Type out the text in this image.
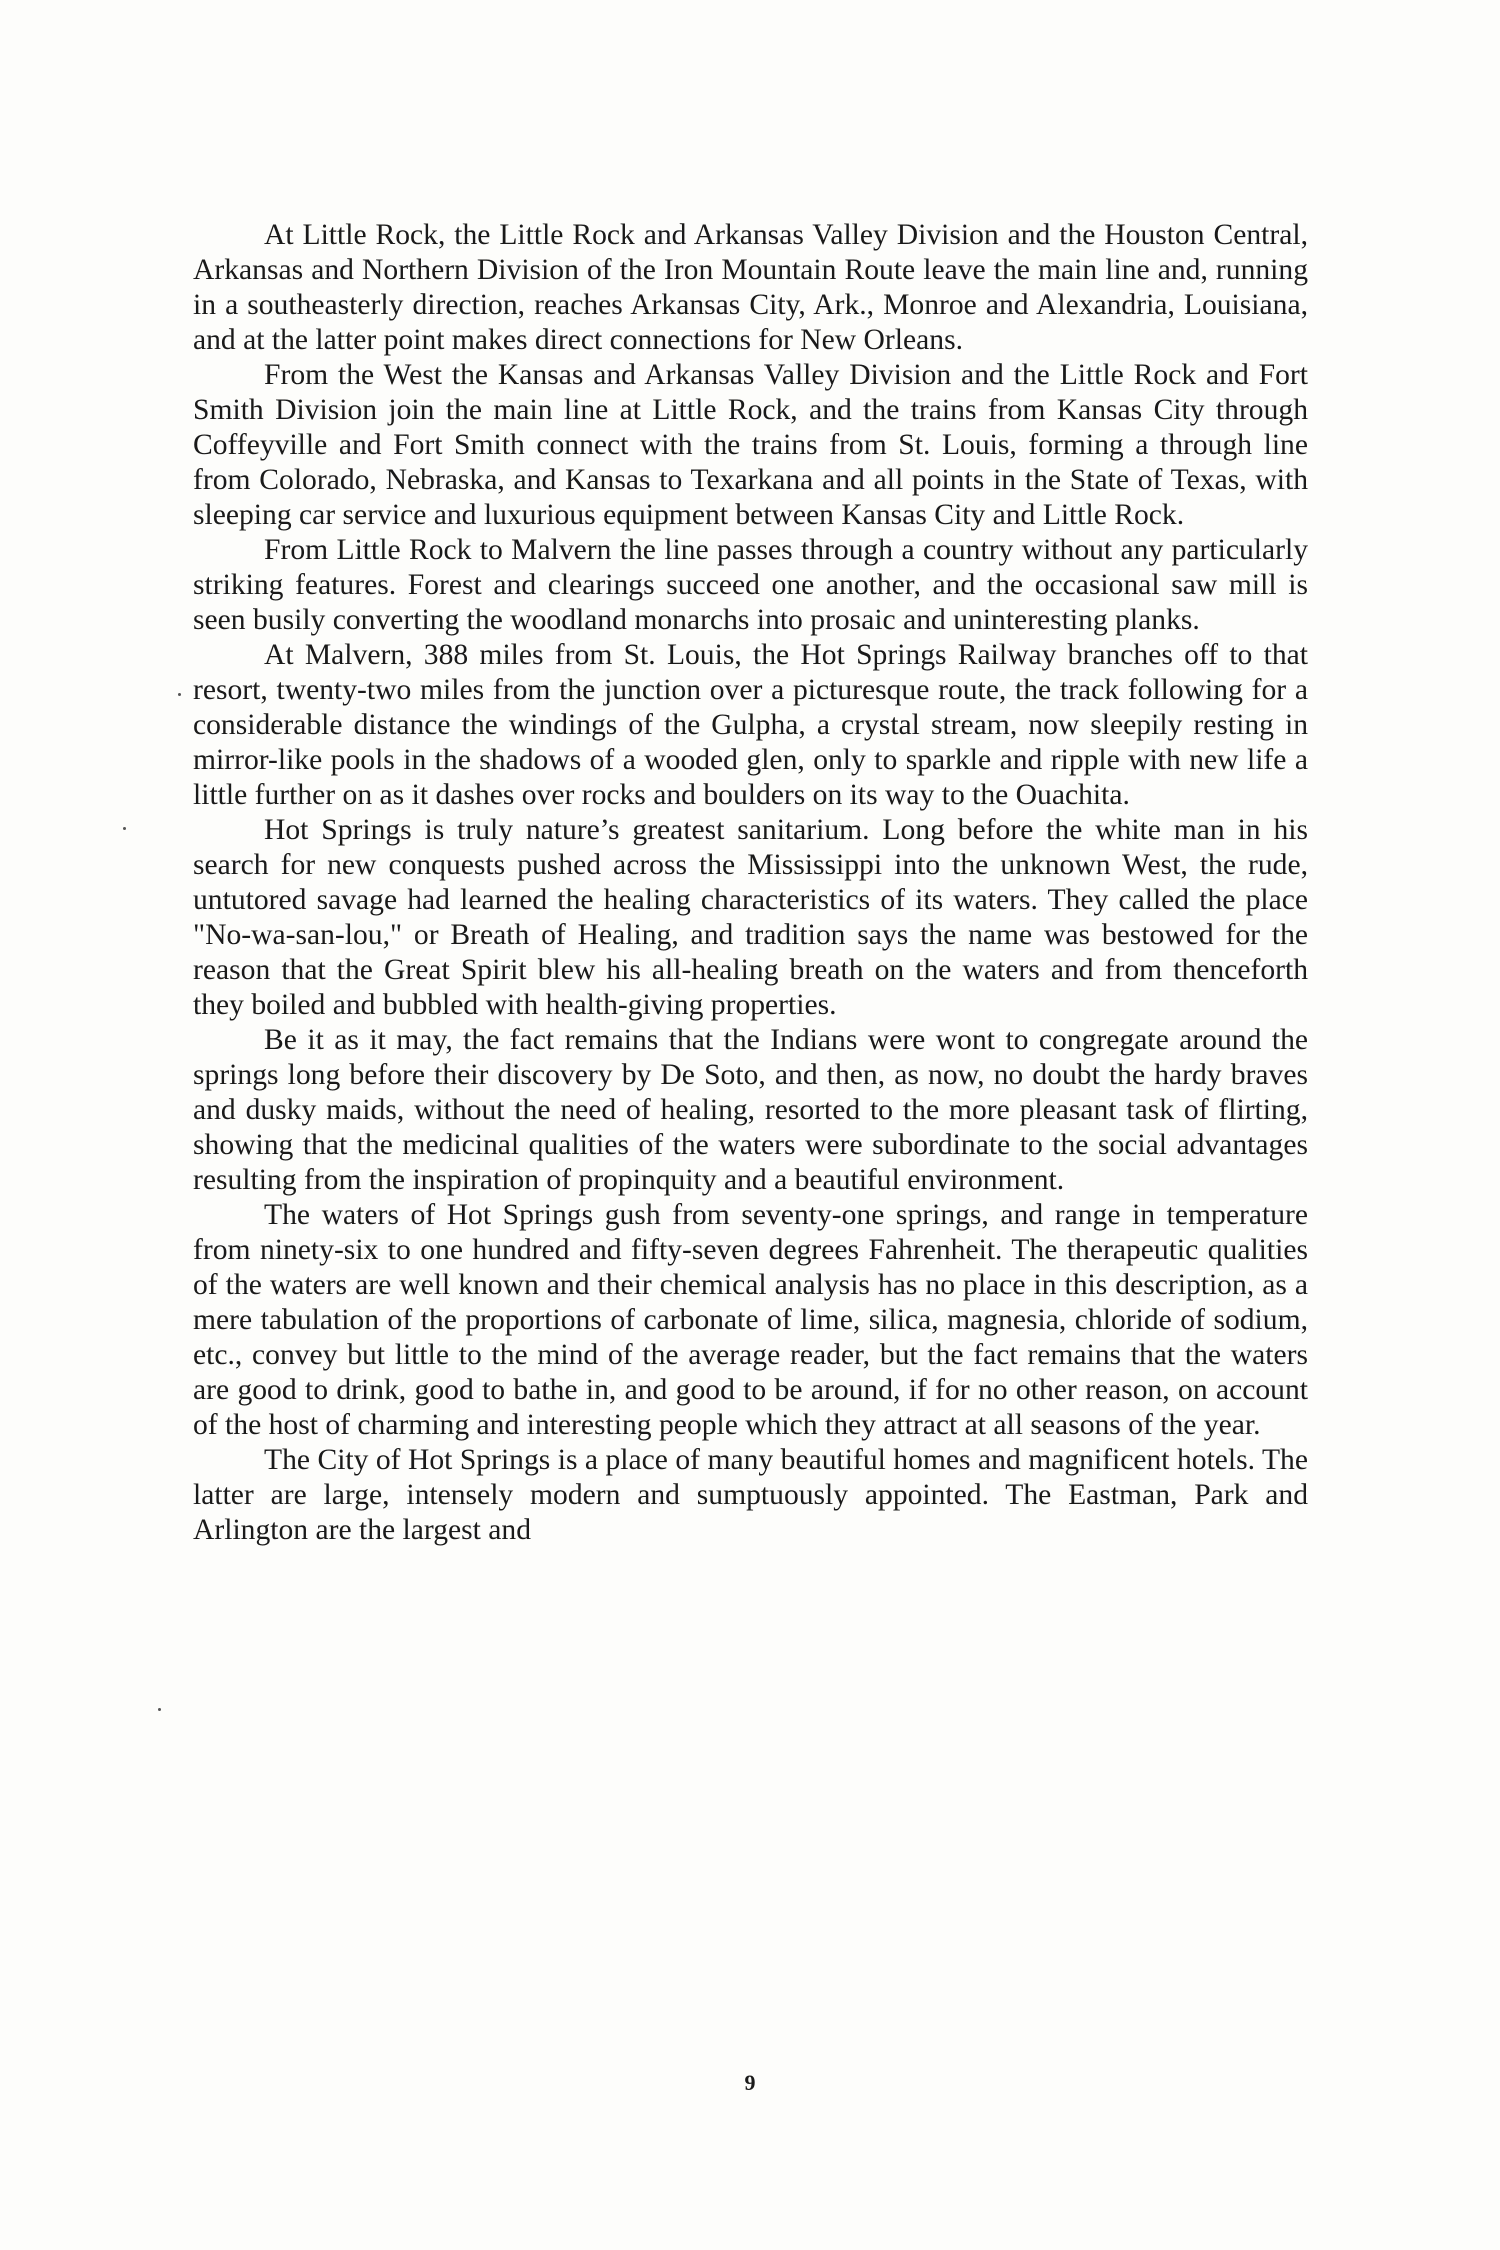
At Little Rock, the Little Rock and Arkansas Valley Division and the Houston Central, Arkansas and Northern Division of the Iron Mountain Route leave the main line and, running in a southeasterly direction, reaches Arkansas City, Ark., Monroe and Alexandria, Louisiana, and at the latter point makes direct connections for New Orleans.

From the West the Kansas and Arkansas Valley Division and the Little Rock and Fort Smith Division join the main line at Little Rock, and the trains from Kansas City through Coffeyville and Fort Smith connect with the trains from St. Louis, forming a through line from Colorado, Nebraska, and Kansas to Texarkana and all points in the State of Texas, with sleeping car service and luxurious equipment between Kansas City and Little Rock.

From Little Rock to Malvern the line passes through a country without any particularly striking features. Forest and clearings succeed one another, and the occasional saw mill is seen busily converting the woodland monarchs into prosaic and uninteresting planks.

At Malvern, 388 miles from St. Louis, the Hot Springs Railway branches off to that resort, twenty-two miles from the junction over a picturesque route, the track following for a considerable distance the windings of the Gulpha, a crystal stream, now sleepily resting in mirror-like pools in the shadows of a wooded glen, only to sparkle and ripple with new life a little further on as it dashes over rocks and boulders on its way to the Ouachita.

Hot Springs is truly nature’s greatest sanitarium. Long before the white man in his search for new conquests pushed across the Mississippi into the unknown West, the rude, untutored savage had learned the healing characteristics of its waters. They called the place "No-wa-san-lou," or Breath of Healing, and tradition says the name was bestowed for the reason that the Great Spirit blew his all-healing breath on the waters and from thenceforth they boiled and bubbled with health-giving properties.

Be it as it may, the fact remains that the Indians were wont to congregate around the springs long before their discovery by De Soto, and then, as now, no doubt the hardy braves and dusky maids, without the need of healing, resorted to the more pleasant task of flirting, showing that the medicinal qualities of the waters were subordinate to the social advantages resulting from the inspiration of propinquity and a beautiful environment.

The waters of Hot Springs gush from seventy-one springs, and range in temperature from ninety-six to one hundred and fifty-seven degrees Fahrenheit. The therapeutic qualities of the waters are well known and their chemical analysis has no place in this description, as a mere tabulation of the proportions of carbonate of lime, silica, magnesia, chloride of sodium, etc., convey but little to the mind of the average reader, but the fact remains that the waters are good to drink, good to bathe in, and good to be around, if for no other reason, on account of the host of charming and interesting people which they attract at all seasons of the year.

The City of Hot Springs is a place of many beautiful homes and magnificent hotels. The latter are large, intensely modern and sumptuously appointed. The Eastman, Park and Arlington are the largest and

9
